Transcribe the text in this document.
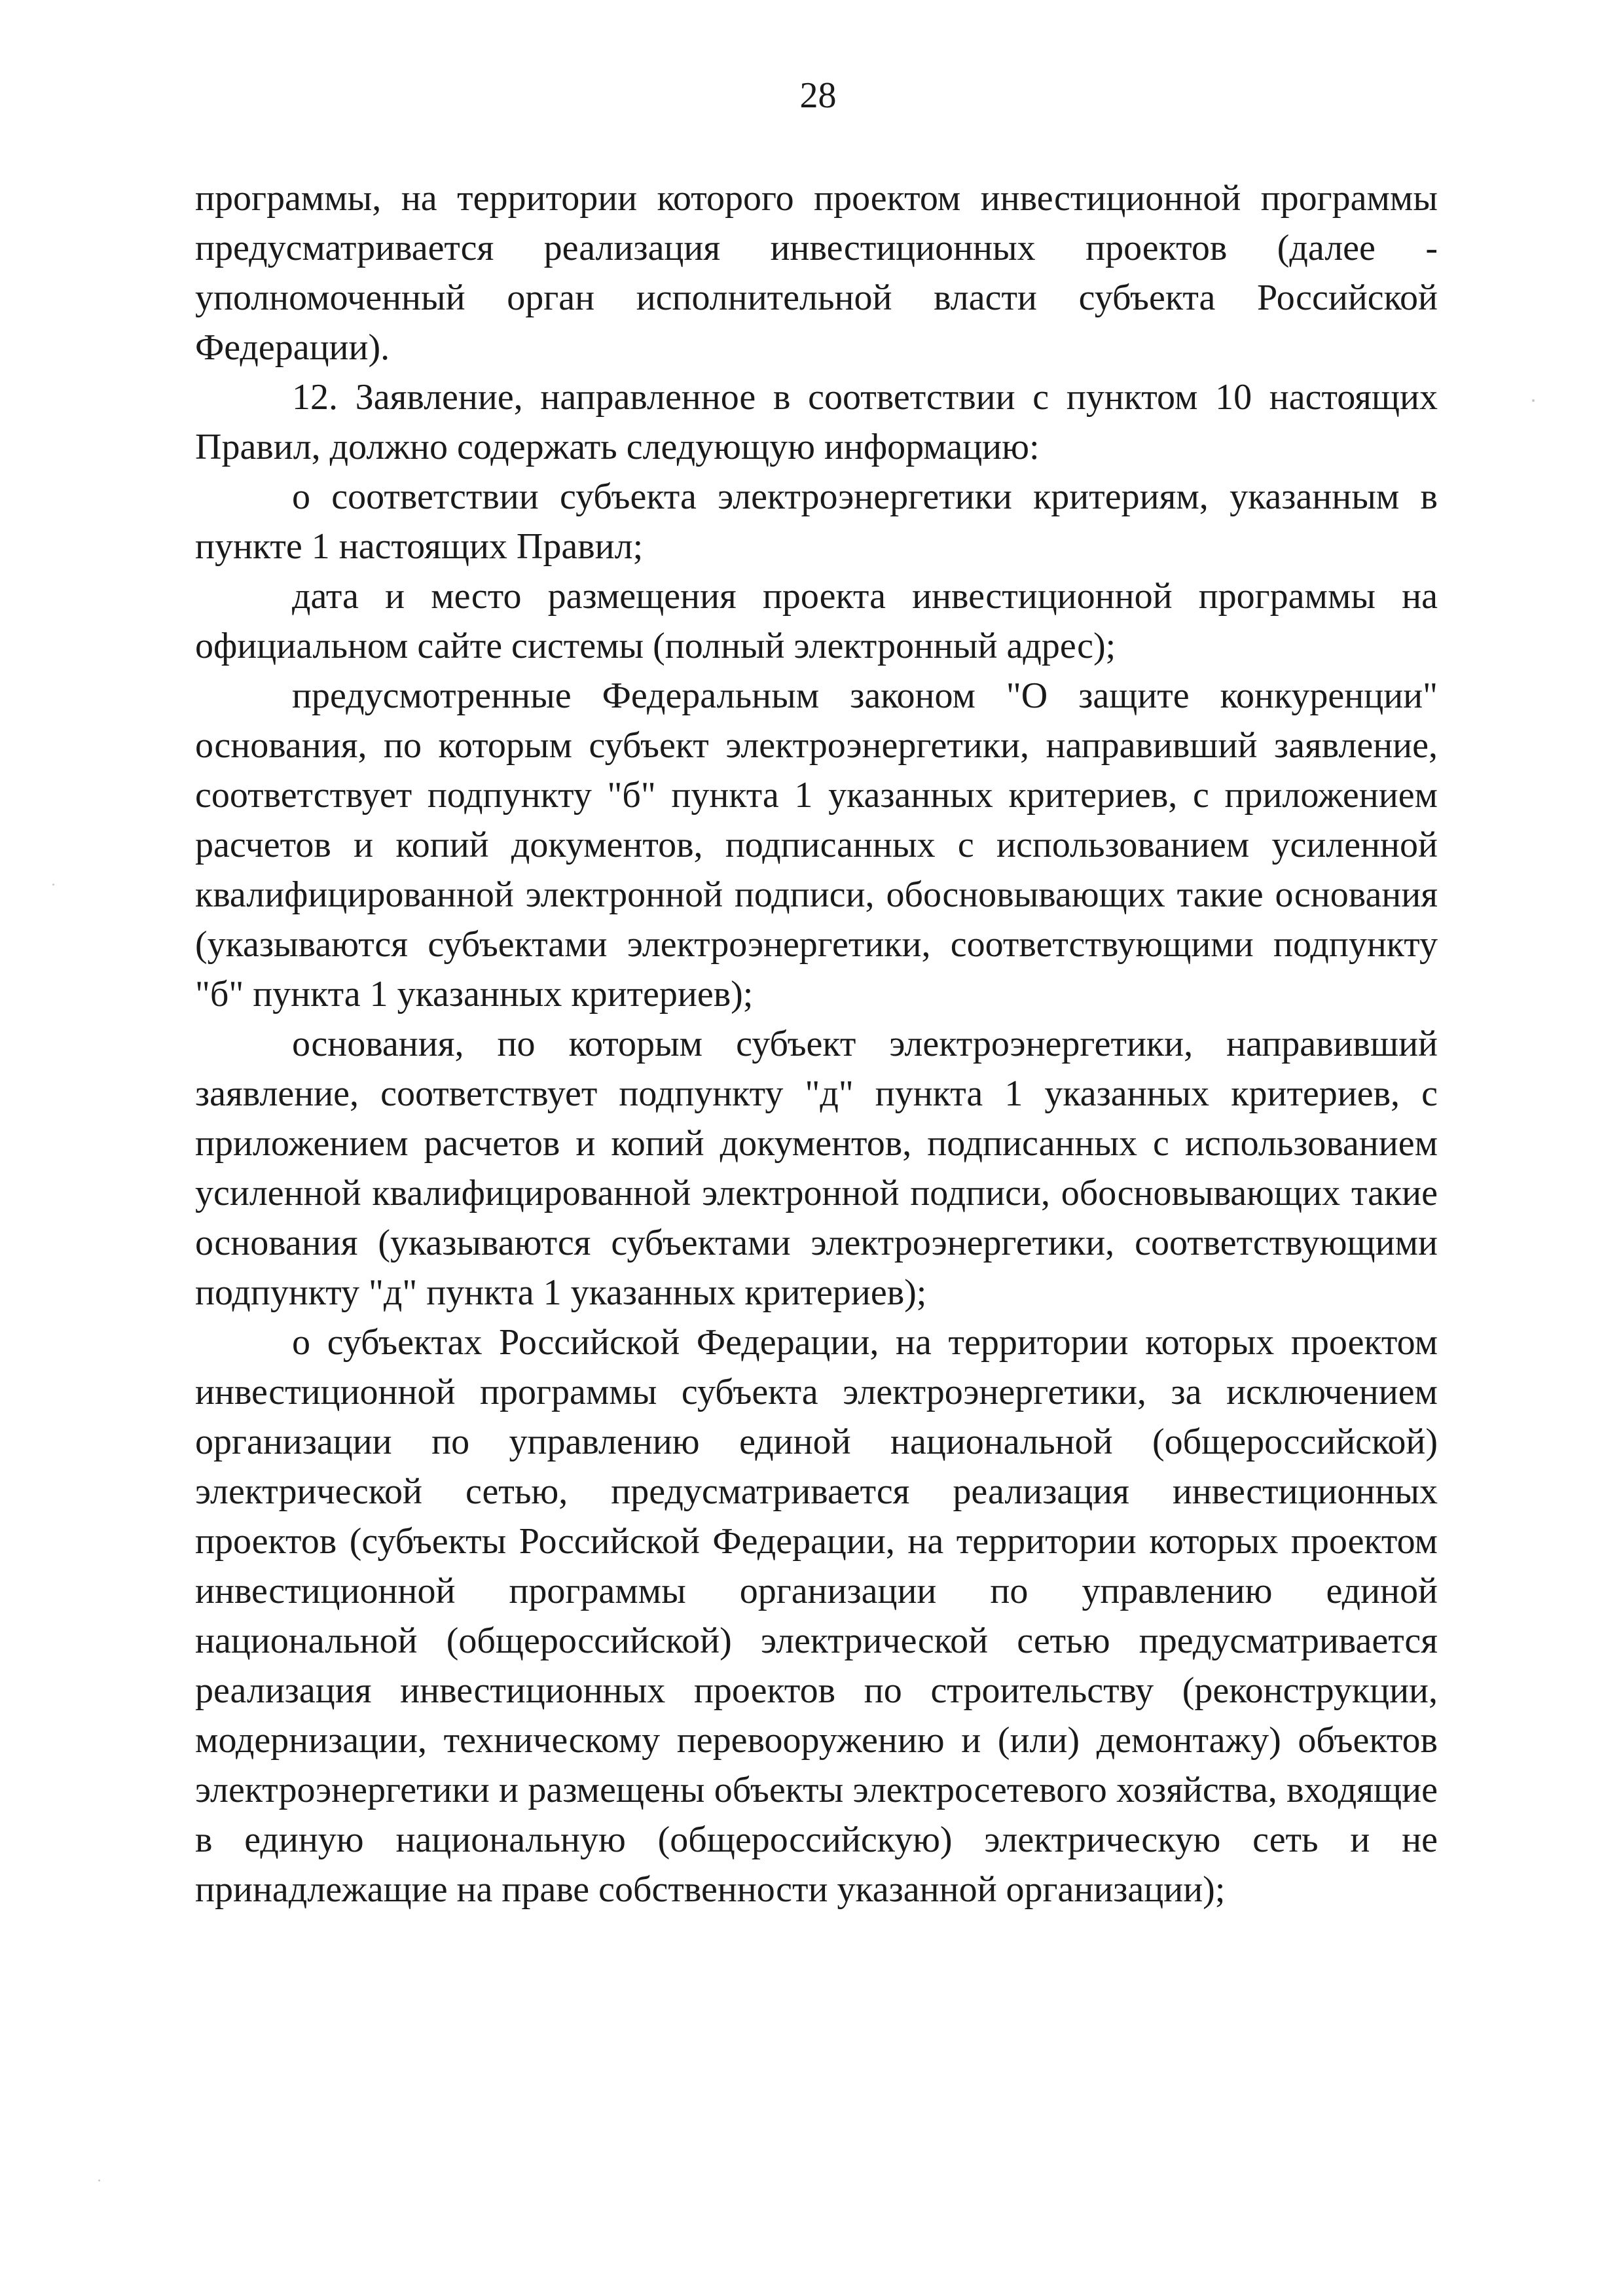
28

программы, на территории которого проектом инвестиционной программы предусматривается реализация инвестиционных проектов (далее - уполномоченный орган исполнительной власти субъекта Российской Федерации).

12. Заявление, направленное в соответствии с пунктом 10 настоящих Правил, должно содержать следующую информацию:

о соответствии субъекта электроэнергетики критериям, указанным в пункте 1 настоящих Правил;

дата и место размещения проекта инвестиционной программы на официальном сайте системы (полный электронный адрес);

предусмотренные Федеральным законом "О защите конкуренции" основания, по которым субъект электроэнергетики, направивший заявление, соответствует подпункту "б" пункта 1 указанных критериев, с приложением расчетов и копий документов, подписанных с использованием усиленной квалифицированной электронной подписи, обосновывающих такие основания (указываются субъектами электроэнергетики, соответствующими подпункту "б" пункта 1 указанных критериев);

основания, по которым субъект электроэнергетики, направивший заявление, соответствует подпункту "д" пункта 1 указанных критериев, с приложением расчетов и копий документов, подписанных с использованием усиленной квалифицированной электронной подписи, обосновывающих такие основания (указываются субъектами электроэнергетики, соответствующими подпункту "д" пункта 1 указанных критериев);

о субъектах Российской Федерации, на территории которых проектом инвестиционной программы субъекта электроэнергетики, за исключением организации по управлению единой национальной (общероссийской) электрической сетью, предусматривается реализация инвестиционных проектов (субъекты Российской Федерации, на территории которых проектом инвестиционной программы организации по управлению единой национальной (общероссийской) электрической сетью предусматривается реализация инвестиционных проектов по строительству (реконструкции, модернизации, техническому перевооружению и (или) демонтажу) объектов электроэнергетики и размещены объекты электросетевого хозяйства, входящие в единую национальную (общероссийскую) электрическую сеть и не принадлежащие на праве собственности указанной организации);
